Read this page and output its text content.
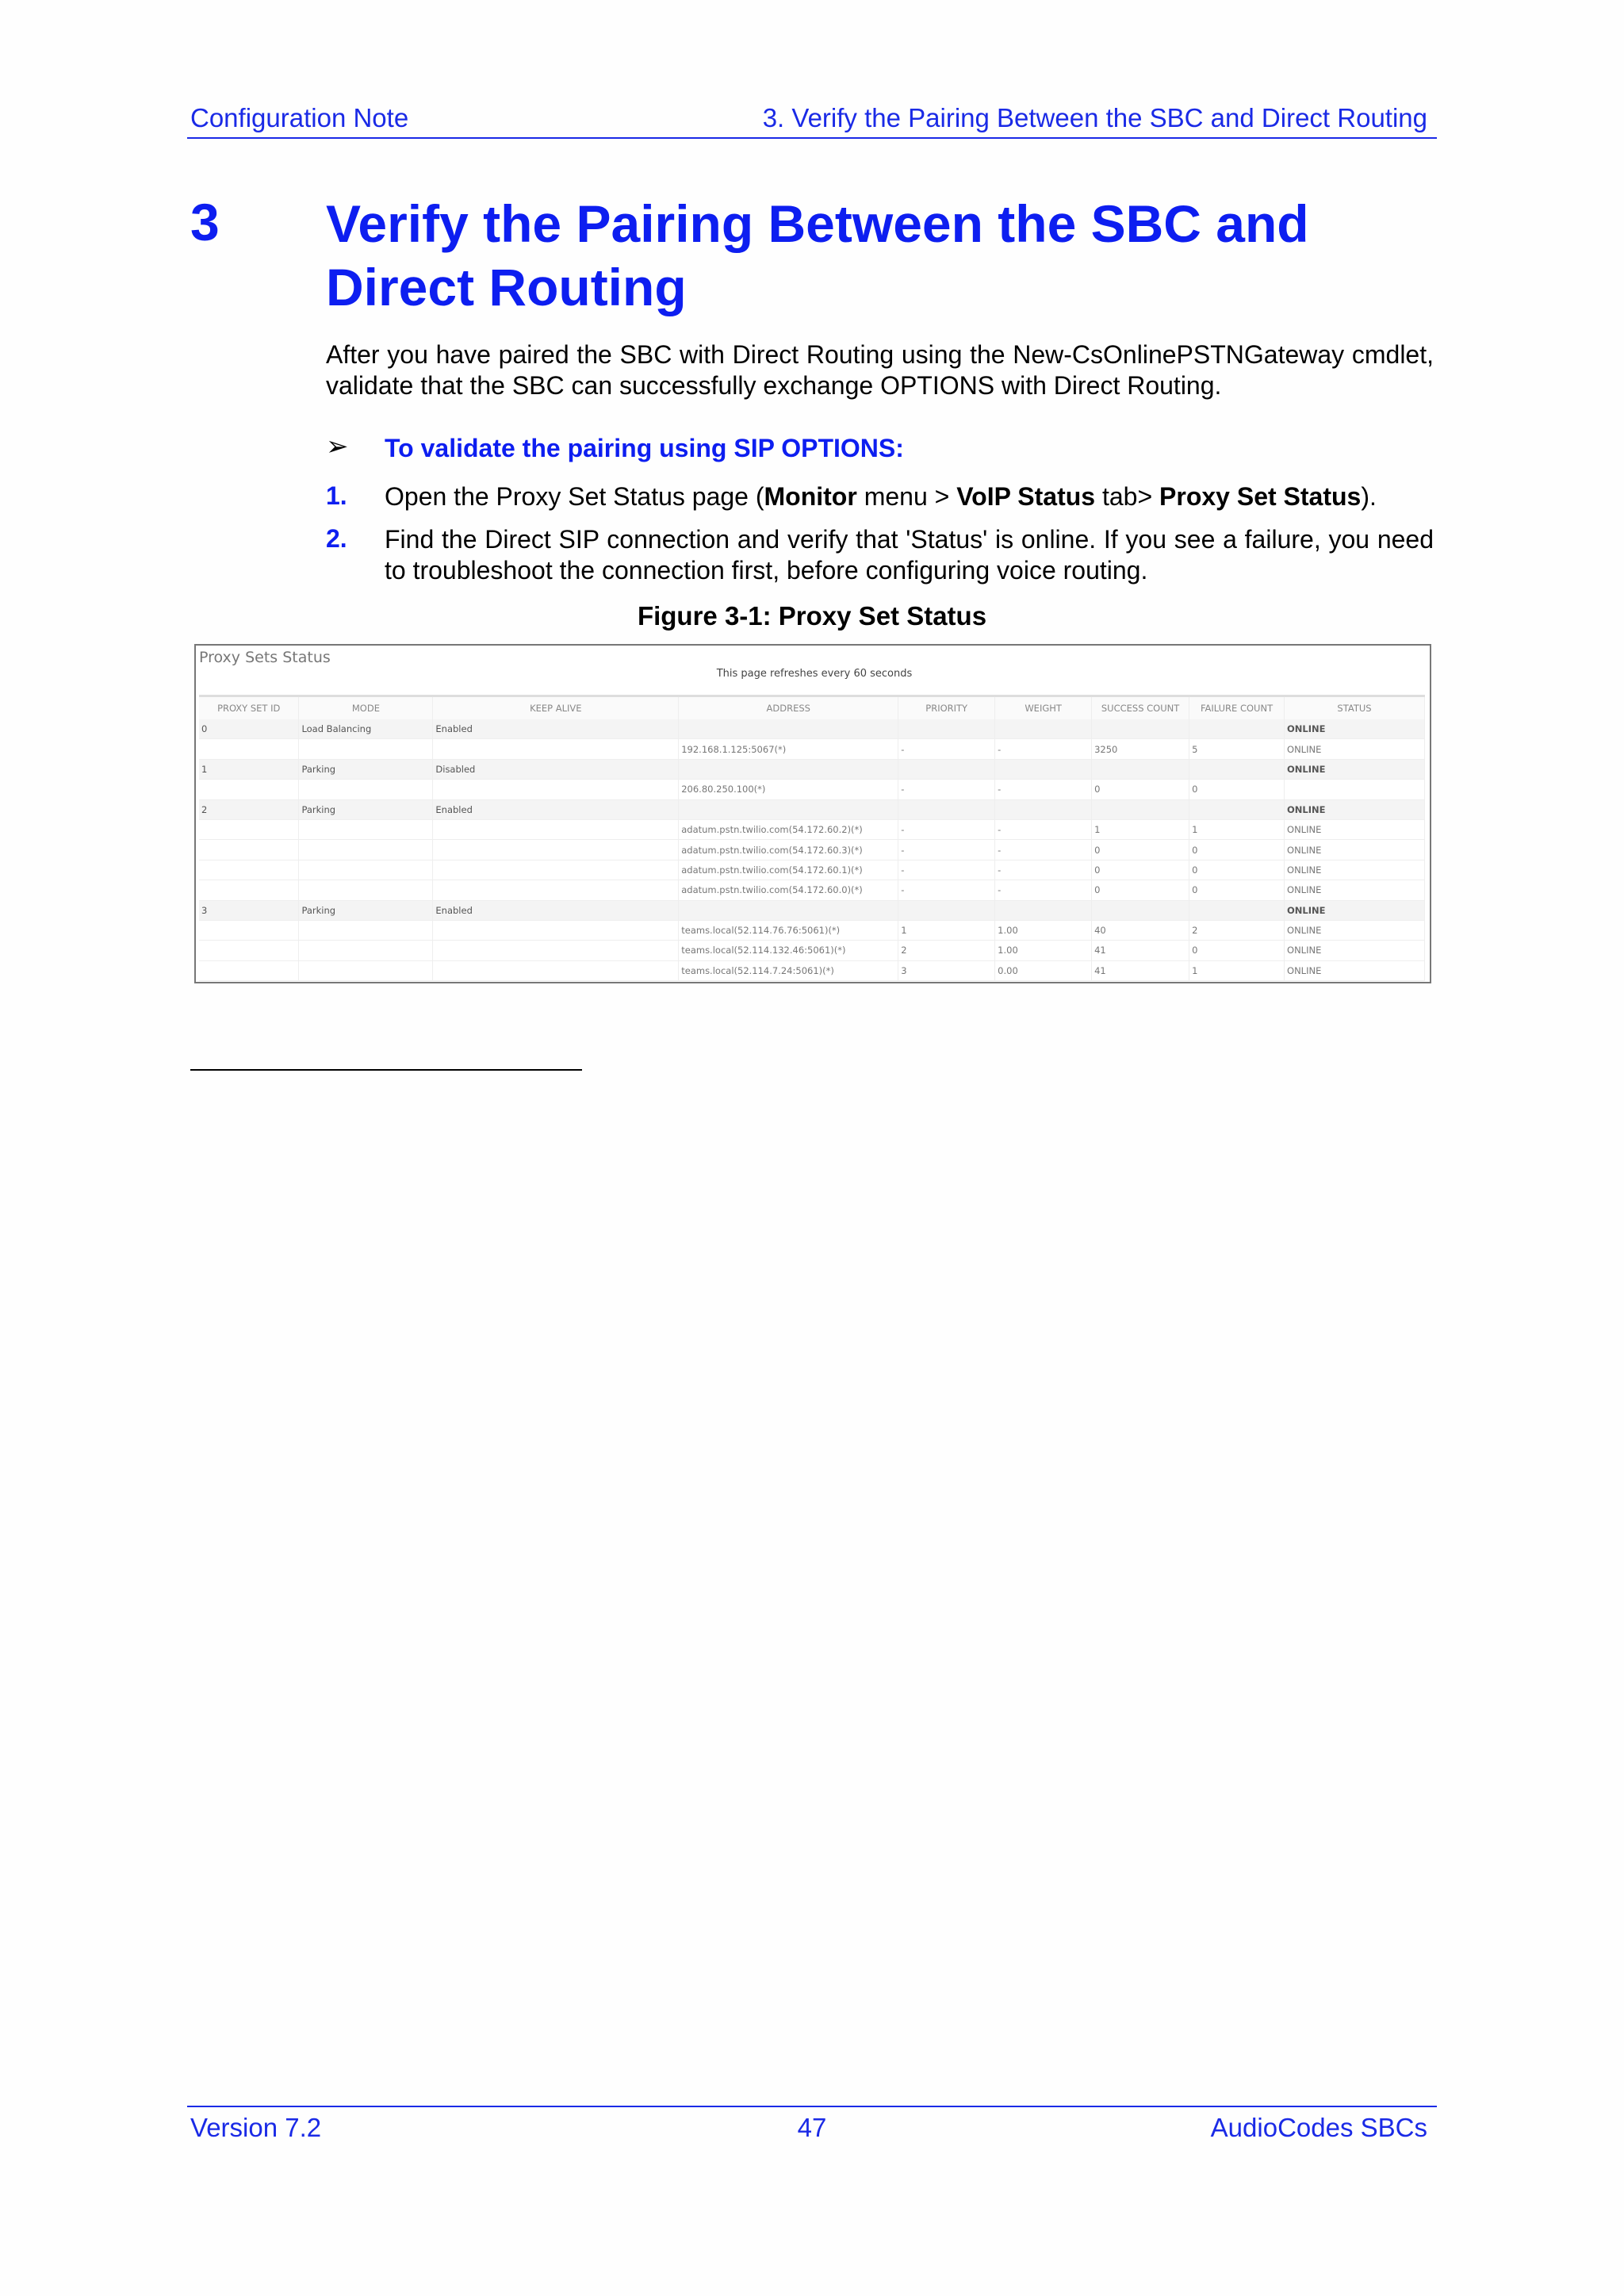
Configuration Note	3. Verify the Pairing Between the SBC and Direct Routing
3 Verify the Pairing Between the SBC and Direct Routing
After you have paired the SBC with Direct Routing using the New-CsOnlinePSTNGateway cmdlet, validate that the SBC can successfully exchange OPTIONS with Direct Routing.
➢ To validate the pairing using SIP OPTIONS:
1. Open the Proxy Set Status page (Monitor menu > VoIP Status tab> Proxy Set Status).
2. Find the Direct SIP connection and verify that 'Status' is online. If you see a failure, you need to troubleshoot the connection first, before configuring voice routing.
Figure 3-1: Proxy Set Status
Proxy Sets Status
This page refreshes every 60 seconds
PROXY SET ID	MODE	KEEP ALIVE	ADDRESS	PRIORITY	WEIGHT	SUCCESS COUNT	FAILURE COUNT	STATUS
0	Load Balancing	Enabled						ONLINE
			192.168.1.125:5067(*)	-	-	3250	5	ONLINE
1	Parking	Disabled						ONLINE
			206.80.250.100(*)	-	-	0	0	
2	Parking	Enabled						ONLINE
			adatum.pstn.twilio.com(54.172.60.2)(*)	-	-	1	1	ONLINE
			adatum.pstn.twilio.com(54.172.60.3)(*)	-	-	0	0	ONLINE
			adatum.pstn.twilio.com(54.172.60.1)(*)	-	-	0	0	ONLINE
			adatum.pstn.twilio.com(54.172.60.0)(*)	-	-	0	0	ONLINE
3	Parking	Enabled						ONLINE
			teams.local(52.114.76.76:5061)(*)	1	1.00	40	2	ONLINE
			teams.local(52.114.132.46:5061)(*)	2	1.00	41	0	ONLINE
			teams.local(52.114.7.24:5061)(*)	3	0.00	41	1	ONLINE
Version 7.2	47	AudioCodes SBCs
